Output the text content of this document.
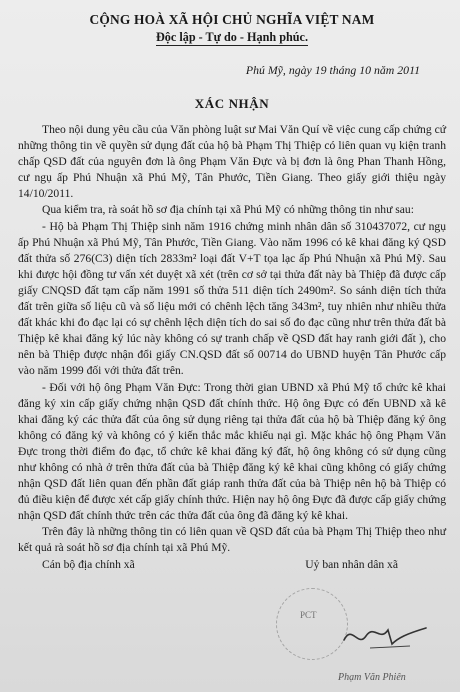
CỘNG HOÀ XÃ HỘI CHỦ NGHĨA VIỆT NAM
Độc lập - Tự do - Hạnh phúc.
Phú Mỹ, ngày 19 tháng 10 năm 2011
XÁC NHẬN

Theo nội dung yêu cầu của Văn phòng luật sư Mai Văn Quí về việc cung cấp chứng cứ những thông tin về quyền sử dụng đất của hộ bà Phạm Thị Thiệp có liên quan vụ kiện tranh chấp QSD đất của nguyên đơn là ông Phạm Văn Đực và bị đơn là ông Phan Thanh Hồng, cư ngụ ấp Phú Nhuận xã Phú Mỹ, Tân Phước, Tiền Giang. Theo giấy giới thiệu ngày 14/10/2011.

Qua kiểm tra, rà soát hồ sơ địa chính tại xã Phú Mỹ có những thông tin như sau:

- Hộ bà Phạm Thị Thiệp sinh năm 1916 chứng minh nhân dân số 310437072, cư ngụ ấp Phú Nhuận xã Phú Mỹ, Tân Phước, Tiền Giang. Vào năm 1996 có kê khai đăng ký QSD đất thửa số 276(C3) diện tích 2833m² loại đất V+T tọa lạc ấp Phú Nhuận xã Phú Mỹ. Sau khi được hội đồng tư vấn xét duyệt xã xét (trên cơ sở tại thửa đất này bà Thiệp đã được cấp giấy CNQSD đất tạm cấp năm 1991 số thửa 511 diện tích 2490m². So sánh diện tích thửa đất trên giữa số liệu cũ và số liệu mới có chênh lệch tăng 343m², tuy nhiên như nhiều thửa đất khác khi đo đạc lại có sự chênh lệch diện tích do sai số đo đạc cũng như trên thửa đất bà Thiệp kê khai đăng ký lúc này không có sự tranh chấp về QSD đất hay ranh giới đất ), cho nên bà Thiệp được nhận đổi giấy CN.QSD đất số 00714 do UBND huyện Tân Phước cấp vào năm 1999 đối với thửa đất trên.

- Đối với hộ ông Phạm Văn Đực: Trong thời gian UBND xã Phú Mỹ tổ chức kê khai đăng ký xin cấp giấy chứng nhận QSD đất chính thức. Hộ ông Đực có đến UBND xã kê khai đăng ký các thửa đất của ông sử dụng riêng tại thửa đất của hộ bà Thiệp đăng ký ông không có đăng ký và không có ý kiến thắc mắc khiếu nại gì. Mặc khác hộ ông Phạm Văn Đực trong thời điểm đo đạc, tổ chức kê khai đăng ký đất, hộ ông không có sử dụng cũng như không có nhà ở trên thửa đất của bà Thiệp đăng ký kê khai cũng không có giấy chứng nhận QSD đất liên quan đến phần đất giáp ranh thửa đất của bà Thiệp nên hộ bà Thiệp có đủ điều kiện để được xét cấp giấy chính thức. Hiện nay hộ ông Đực đã được cấp giấy chứng nhận QSD đất chính thức trên các thửa đất của ông đã đăng ký kê khai.

Trên đây là những thông tin có liên quan về QSD đất của bà Phạm Thị Thiệp theo như kết quả rà soát hồ sơ địa chính tại xã Phú Mỹ.

Cán bộ địa chính xã	Uỷ ban nhân dân xã
PCT
Phạm Văn Phiên
